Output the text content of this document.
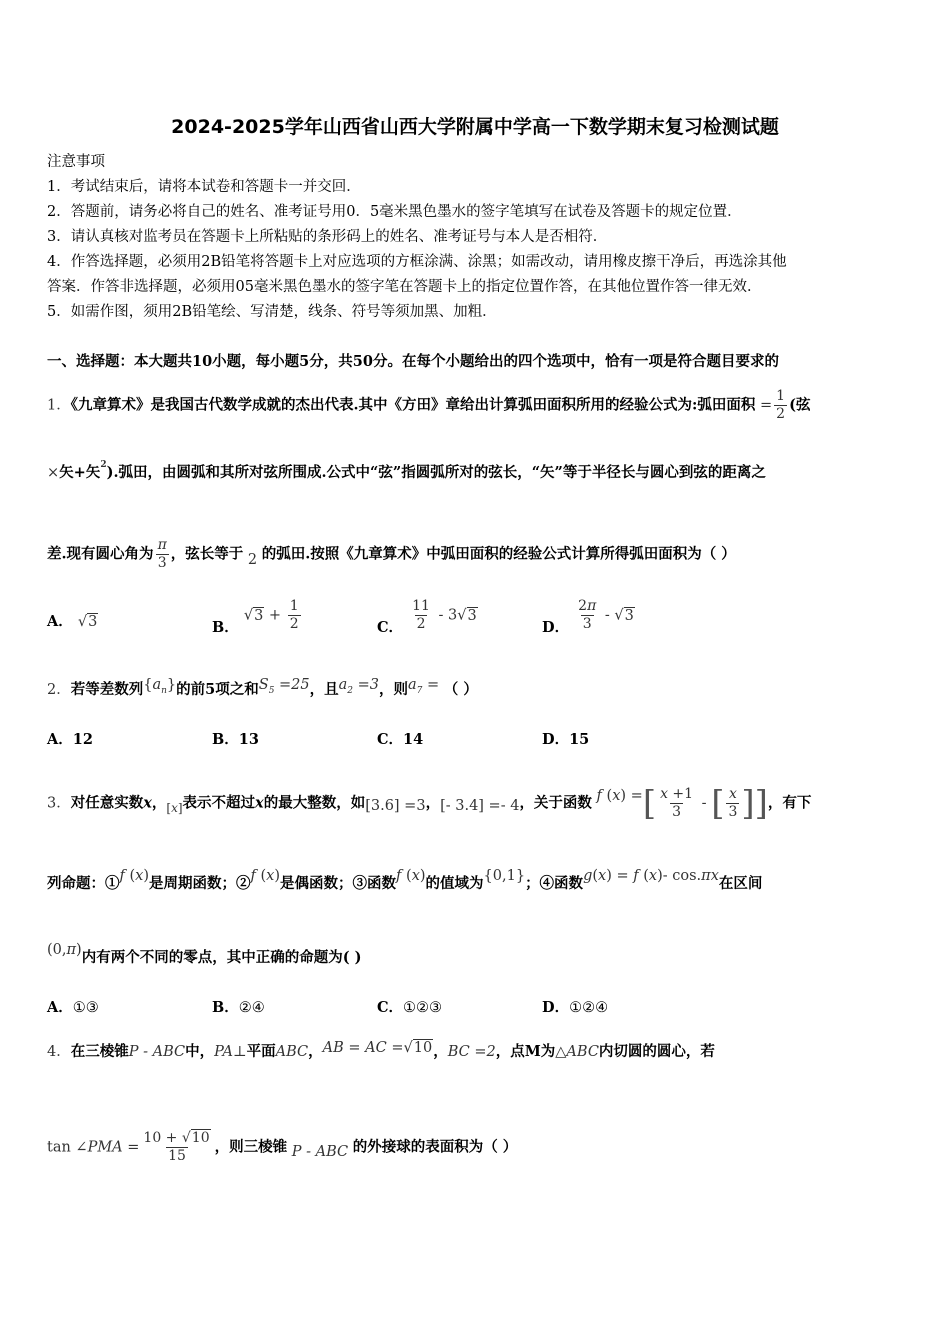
2024-2025学年山西省山西大学附属中学高一下数学期末复习检测试题
注意事项
1．考试结束后，请将本试卷和答题卡一并交回．
2．答题前，请务必将自己的姓名、准考证号用0．5毫米黑色墨水的签字笔填写在试卷及答题卡的规定位置．
3．请认真核对监考员在答题卡上所粘贴的条形码上的姓名、准考证号与本人是否相符．
4．作答选择题，必须用2B铅笔将答题卡上对应选项的方框涂满、涂黑；如需改动，请用橡皮擦干净后，再选涂其他
答案．作答非选择题，必须用05毫米黑色墨水的签字笔在答题卡上的指定位置作答，在其他位置作答一律无效．
5．如需作图，须用2B铅笔绘、写清楚，线条、符号等须加黑、加粗．
一、选择题：本大题共10小题，每小题5分，共50分。在每个小题给出的四个选项中，恰有一项是符合题目要求的
1．《九章算术》是我国古代数学成就的杰出代表.其中《方田》章给出计算弧田面积所用的经验公式为:弧田面积 = $\frac{1}{2}$ (弦
×矢+矢$^2$).弧田，由圆弧和其所对弦所围成.公式中“弦”指圆弧所对的弦长，“矢”等于半径长与圆心到弦的距离之
差.现有圆心角为 $\frac{\pi}{3}$ ，弦长等于 2 的弧田.按照《九章算术》中弧田面积的经验公式计算所得弧田面积为（ ）
A． √3	B． $√3 + \frac{1}{2}$	C． $\frac{11}{2} - 3√3$
D． $\frac{2\pi}{3} - √3$
2．若等差数列$\{a_n\}$的前5项之和$S_5 =25$，且$a_2 =3$，则$a_7$ = （ ）
A．12	B．13	C．14	D．15
3．对任意实数x，$_{[x]}$表示不超过x的最大整数，如[3.6] =3，[- 3.4] =- 4，关于函数 f (x) =[ $\frac{x +1}{3}$ - [ $\frac{x}{3}$ ]]，有下
列命题：①f (x)是周期函数；②f (x)是偶函数；③函数f (x)的值域为{0,1}；④函数g(x) = f (x)- cos.πx在区间
(0,π)内有两个不同的零点，其中正确的命题为( )
A．①③	B．②④	C．①②③	D．①②④
4．在三棱锥P - ABC中，PA⊥平面ABC，AB = AC =√10，BC =2，点M为△ABC内切圆的圆心，若
tan ∠PMA = $\frac{10 + √10}{15}$ ，则三棱锥 P - ABC 的外接球的表面积为（ ）
